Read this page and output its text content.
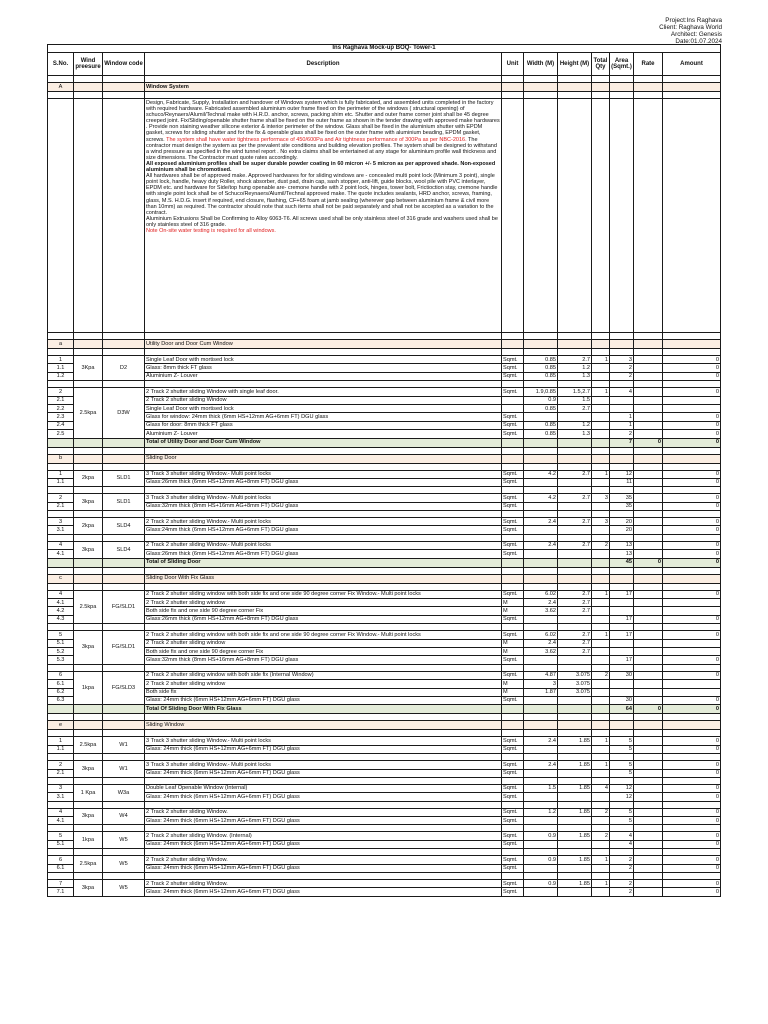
Project:Ins Raghava
Client: Raghava World
Architect: Genesis
Date:01.07.2024
Ins Raghava Mock-up BOQ- Tower-1										
S.No.	Wind preesure	Window code	Description	Unit	Width (M)	Height (M)	Total Qty	Area (Sqmt.)	Rate	Amount

A			Window System							

			Design, Fabricate, Supply, Installation and handover of Windows system which is fully fabricated, and assembled units completed in the factory with required hardware. Fabricated assembled aluminium outer frame fixed on the perimeter of the windows ( structural opening) of schuco/Reynaers/Alumil/Technal make with H.R.D. anchor, screws, packing shim etc. Shutter and outer frame corner joint shall be 45 degree creeped joint. Fix/Sliding/openable shutter frame shall be fixed on the outer frame as shown in the tender drawing with approved make hardwares . Provide non staining weather silicone exterior & interior perimeter of the window. Glass shall be fixed in the aluminium shutter with EPDM gasket, screws for sliding shutter and for the fix & operable glass shall be fixed on the outer frame with aluminium beading, EPDM gasket, screws. The system shall have water tightness performace of 450/600Pa and Air tightness performance of 300Pa as per NBC-2016. The contractor must design the system as per the prevalent site conditions and building elevation profiles. The system shall be designed to withstand a wind pressure as specified in the wind tunnel report . No extra claims shall be entertained at any stage for aluminium profile wall thickness and size dimensions. The Contractor must quote rates accordingly.
All exposed aluminium profiles shall be super durable powder coating in 60 micron +/- 5 micron as per approved shade. Non-exposed aluminium shall be chromotised.
All hardwares shall be of approved make. Approved hardwares for for sliding windows are - concealed multi point lock (Minimum 3 point), single point lock, handle, heavy duty Roller, shock absorber, dust pad, drain cap, sash stopper, anti-lift, guide blocks, wool pile with PVC interlayer, EPDM etc. and hardware for Side/top hung openable are- cremone handle with 2 point lock, hinges, tower bolt, Frictioction stay, cremone handle with single point lock shall be of Schuco/Reynaers/Alumil/Technal approved make. The quote includes sealants, HRD anchor, screws, framing, glass, M.S. H.D.G. insert if required, end closure, flashing, CF+65 foam at jamb sealing (wherever gap between aluminium frame & civil more than 10mm) as required. The contractor should note that such items shall not be paid separately and shall not be accepted as a variation to the contract.
Aluminium Extrusions Shall be Confirming to Alloy 6063-T6. All screws used shall be only stainless steel of 316 grade and washers used shall be only stainless steel of 316 grade.
Note On-site water testing is required for all windows.							

a			Utility Door and Door Cum Window							

1	3Kpa	D2	Single Leaf Door with mortised lock	Sqmt.	0.85	2.7	1	3		0
1.1			Glass: 8mm thick FT glass	Sqmt.	0.85	1.2		2		0
1.2			Aluminium Z- Louver	Sqmt.	0.85	1.3		2		0

2	2.5kpa	D3W	2 Track 2 shutter sliding Window with single leaf door.	Sqmt.	1.9,0.85	1.5,2.7	1	4		0
2.1			2 Track 2 shutter sliding Window		0.9	1.5				
2.2			Single Leaf Door with mortised lock		0.85	2.7				
2.3			Glass for window: 24mm thick (6mm HS+12mm AG+6mm FT) DGU glass	Sqmt.				1		0
2.4			Glass for door: 8mm thick FT glass	Sqmt.	0.85	1.2		1		0
2.5			Aluminium Z- Louver	Sqmt.	0.85	1.3		2		0
			Total of Utility Door and Door Cum Window					7	0	0

b			Sliding Door							

1	2kpa	SLD1	3 Track 3 shutter sliding Window.- Multi point locks	Sqmt.	4.2	2.7	1	12		0
1.1			Glass:26mm thick (6mm HS+12mm AG+8mm FT) DGU glass	Sqmt.				11		0

2	3kpa	SLD1	3 Track 3 shutter sliding Window.- Multi point locks	Sqmt.	4.2	2.7	3	35		0
2.1			Glass:32mm thick (8mm HS+16mm AG+8mm FT) DGU glass	Sqmt.				35		0

3	2kpa	SLD4	2 Track 2 shutter sliding Window.- Multi point locks	Sqmt.	2.4	2.7	3	20		0
3.1			Glass:24mm thick (6mm HS+12mm AG+6mm FT) DGU glass	Sqmt.				20		0

4	3kpa	SLD4	2 Track 2 shutter sliding Window.- Multi point locks	Sqmt.	2.4	2.7	2	13		0
4.1			Glass:26mm thick (6mm HS+12mm AG+8mm FT) DGU glass	Sqmt.				13		0
			Total of Sliding Door					45	0	0

c			Sliding Door With Fix Glass							

4	2.5kpa	FG/SLD1	2 Track 2 shutter sliding window with both side fix and one side 90 degree corner Fix Window.- Multi point locks	Sqmt.	6.02	2.7	1	17		0
4.1			2 Track 2 shutter sliding window	M	2.4	2.7				
4.2			Both side fix and one side 90 degree corner Fix	M	3.62	2.7				
4.3			Glass:26mm thick (6mm HS+12mm AG+8mm FT) DGU glass	Sqmt.				17		0

5	3kpa	FG/SLD1	2 Track 2 shutter sliding window with both side fix and one side 90 degree corner Fix Window.- Multi point locks	Sqmt.	6.02	2.7	1	17		0
5.1			2 Track 2 shutter sliding window	M	2.4	2.7				
5.2			Both side fix and one side 90 degree corner Fix	M	3.62	2.7				
5.3			Glass:32mm thick (8mm HS+16mm AG+8mm FT) DGU glass	Sqmt.				17		0

6	1kpa	FG/SLD3	2 Track 2 shutter sliding window with both side fix (Internal Window)	Sqmt.	4.87	3.075	2	30		0
6.1			2 Track 2 shutter sliding window	M	3	3.075				
6.2			Both side fix	M	1.87	3.075				
6.3			Glass: 24mm thick (6mm HS+12mm AG+6mm FT) DGU glass	Sqmt.				30		0
			Total Of Sliding Door With Fix Glass					64	0	0

e			Sliding Window							

1	2.5kpa	W1	3 Track 3 shutter sliding Window.- Multi point locks	Sqmt.	2.4	1.85	1	5		0
1.1			Glass: 24mm thick (6mm HS+12mm AG+6mm FT) DGU glass	Sqmt.				5		0

2	3kpa	W1	3 Track 3 shutter sliding Window.- Multi point locks	Sqmt.	2.4	1.85	1	5		0
2.1			Glass: 24mm thick (6mm HS+12mm AG+6mm FT) DGU glass	Sqmt.				5		0

3	1 Kpa	W3a	Double Leaf Openable Window (Internal)	Sqmt.	1.5	1.85	4	12		0
3.1			Glass: 24mm thick (6mm HS+12mm AG+6mm FT) DGU glass	Sqmt.				12		0

4	3kpa	W4	2 Track 2 shutter sliding Window.	Sqmt.	1.2	1.85	2	5		0
4.1			Glass: 24mm thick (6mm HS+12mm AG+6mm FT) DGU glass	Sqmt.				5		0

5	1kpa	W5	2 Track 2 shutter sliding Window. (Internal)	Sqmt.	0.9	1.85	2	4		0
5.1			Glass: 24mm thick (6mm HS+12mm AG+6mm FT) DGU glass	Sqmt.				4		0

6	2.5kpa	W5	2 Track 2 shutter sliding Window.	Sqmt.	0.9	1.85	1	2		0
6.1			Glass: 24mm thick (6mm HS+12mm AG+6mm FT) DGU glass	Sqmt.				2		0

7	3kpa	W5	2 Track 2 shutter sliding Window.	Sqmt.	0.9	1.85	1	2		0
7.1			Glass: 24mm thick (6mm HS+12mm AG+6mm FT) DGU glass	Sqmt.				2		0
